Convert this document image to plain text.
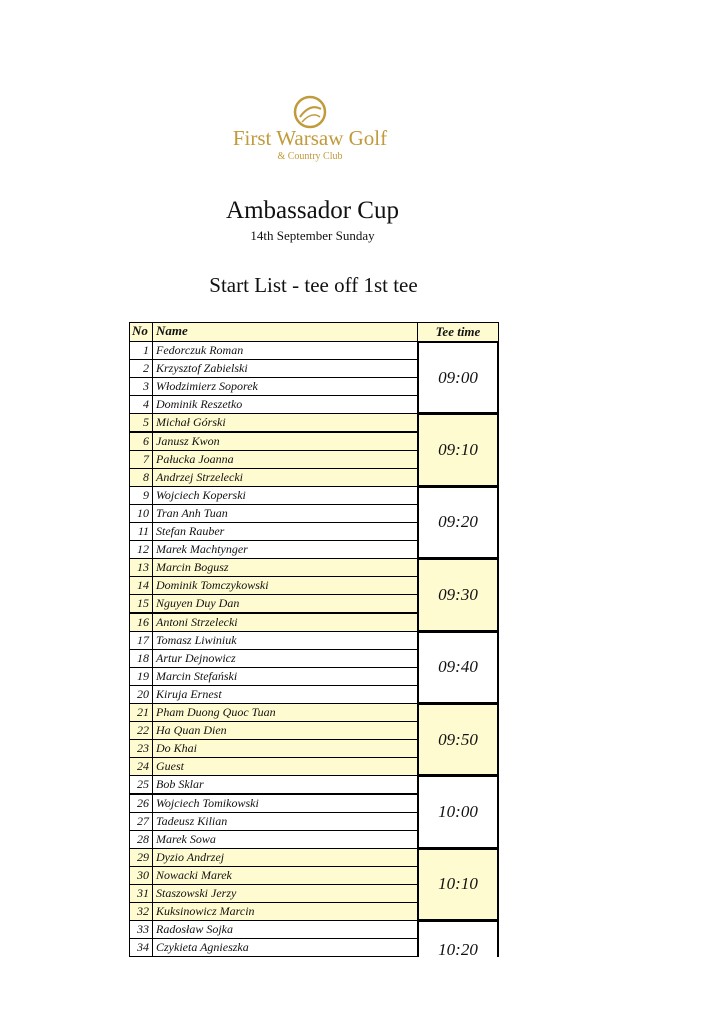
First Warsaw Golf
& Country Club
Ambassador Cup
14th September Sunday
Start List - tee off 1st tee
No Name	Tee time
09:00
1 Fedorczuk Roman
2 Krzysztof Zabielski
3 Włodzimierz Soporek
4 Dominik Reszetko
09:10
5 Michał Górski
6 Janusz Kwon
7 Pałucka Joanna
8 Andrzej Strzelecki
09:20
9 Wojciech Koperski
10 Tran Anh Tuan
11 Stefan Rauber
12 Marek Machtynger
09:30
13 Marcin Bogusz
14 Dominik Tomczykowski
15 Nguyen Duy Dan
16 Antoni Strzelecki
09:40
17 Tomasz Liwiniuk
18 Artur Dejnowicz
19 Marcin Stefański
20 Kiruja Ernest
09:50
21 Pham Duong Quoc Tuan
22 Ha Quan Dien
23 Do Khai
24 Guest
10:00
25 Bob Sklar
26 Wojciech Tomikowski
27 Tadeusz Kilian
28 Marek Sowa
10:10
29 Dyzio Andrzej
30 Nowacki Marek
31 Staszowski Jerzy
32 Kuksinowicz Marcin
10:20
33 Radosław Sojka
34 Czykieta Agnieszka
